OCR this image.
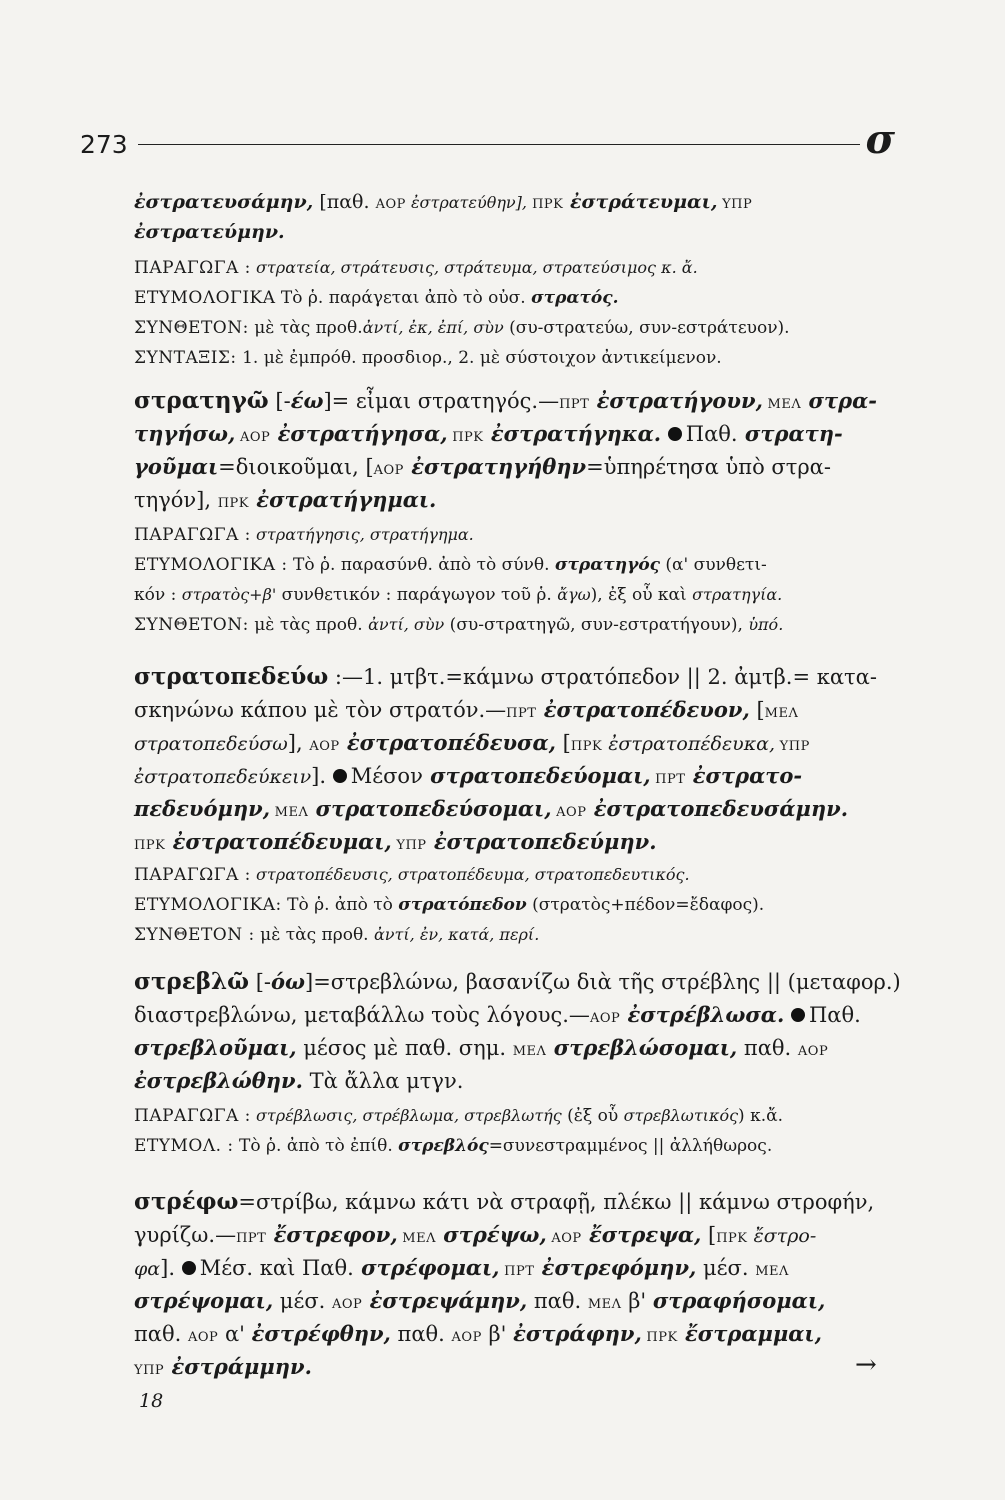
273	σ
ἐστρατευσάμην, [παθ. ΑΟΡ ἐστρατεύθην], ΠΡΚ ἐστράτευμαι, ΥΠΡ
ἐστρατεύμην.
ΠΑΡΑΓΩΓΑ : στρατεία, στράτευσις, στράτευμα, στρατεύσιμος κ. ἄ.
ΕΤΥΜΟΛΟΓΙΚΑ Τὸ ῥ. παράγεται ἀπὸ τὸ οὐσ. στρατός.
ΣΥΝΘΕΤΟΝ: μὲ τὰς προθ.ἀντί, ἐκ, ἐπί, σὺν (συ-στρατεύω, συν-εστράτευον).
ΣΥΝΤΑΞΙΣ: 1. μὲ ἐμπρόθ. προσδιορ., 2. μὲ σύστοιχον ἀντικείμενον.
στρατηγῶ [-έω]= εἶμαι στρατηγός.—ΠΡΤ ἐστρατήγουν, ΜΕΛ στρα-
τηγήσω, ΑΟΡ ἐστρατήγησα, ΠΡΚ ἐστρατήγηκα. Παθ. στρατη-
γοῦμαι=διοικοῦμαι, [ΑΟΡ ἐστρατηγήθην=ὑπηρέτησα ὑπὸ στρα-
τηγόν], ΠΡΚ ἐστρατήγημαι.
ΠΑΡΑΓΩΓΑ : στρατήγησις, στρατήγημα.
ΕΤΥΜΟΛΟΓΙΚΑ : Τὸ ῥ. παρασύνθ. ἀπὸ τὸ σύνθ. στρατηγός (α' συνθετι-
κόν : στρατὸς+β' συνθετικόν : παράγωγον τοῦ ῥ. ἄγω), ἐξ οὗ καὶ στρατηγία.
ΣΥΝΘΕΤΟΝ: μὲ τὰς προθ. ἀντί, σὺν (συ-στρατηγῶ, συν-εστρατήγουν), ὑπό.
στρατοπεδεύω :—1. μτβτ.=κάμνω στρατόπεδον || 2. ἀμτβ.= κατα-
σκηνώνω κάπου μὲ τὸν στρατόν.—ΠΡΤ ἐστρατοπέδευον, [ΜΕΛ
στρατοπεδεύσω], ΑΟΡ ἐστρατοπέδευσα, [ΠΡΚ ἐστρατοπέδευκα, ΥΠΡ
ἐστρατοπεδεύκειν]. Μέσον στρατοπεδεύομαι, ΠΡΤ ἐστρατο-
πεδευόμην, ΜΕΛ στρατοπεδεύσομαι, ΑΟΡ ἐστρατοπεδευσάμην.
ΠΡΚ ἐστρατοπέδευμαι, ΥΠΡ ἐστρατοπεδεύμην.
ΠΑΡΑΓΩΓΑ : στρατοπέδευσις, στρατοπέδευμα, στρατοπεδευτικός.
ΕΤΥΜΟΛΟΓΙΚΑ: Τὸ ῥ. ἀπὸ τὸ στρατόπεδον (στρατὸς+πέδον=ἔδαφος).
ΣΥΝΘΕΤΟΝ : μὲ τὰς προθ. ἀντί, ἐν, κατά, περί.
στρεβλῶ [-όω]=στρεβλώνω, βασανίζω διὰ τῆς στρέβλης || (μεταφορ.)
διαστρεβλώνω, μεταβάλλω τοὺς λόγους.—ΑΟΡ ἐστρέβλωσα. Παθ.
στρεβλοῦμαι, μέσος μὲ παθ. σημ. ΜΕΛ στρεβλώσομαι, παθ. ΑΟΡ
ἐστρεβλώθην. Τὰ ἄλλα μτγν.
ΠΑΡΑΓΩΓΑ : στρέβλωσις, στρέβλωμα, στρεβλωτής (ἐξ οὗ στρεβλωτικός) κ.ἄ.
ΕΤΥΜΟΛ. : Τὸ ῥ. ἀπὸ τὸ ἐπίθ. στρεβλός=συνεστραμμένος || ἀλλήθωρος.
στρέφω=στρίβω, κάμνω κάτι νὰ στραφῇ, πλέκω || κάμνω στροφήν,
γυρίζω.—ΠΡΤ ἔστρεφον, ΜΕΛ στρέψω, ΑΟΡ ἔστρεψα, [ΠΡΚ ἔστρο-
φα]. Μέσ. καὶ Παθ. στρέφομαι, ΠΡΤ ἐστρεφόμην, μέσ. ΜΕΛ
στρέψομαι, μέσ. ΑΟΡ ἐστρεψάμην, παθ. ΜΕΛ β' στραφήσομαι,
παθ. ΑΟΡ α' ἐστρέφθην, παθ. ΑΟΡ β' ἐστράφην, ΠΡΚ ἔστραμμαι,
ΥΠΡ ἐστράμμην.	→
18
